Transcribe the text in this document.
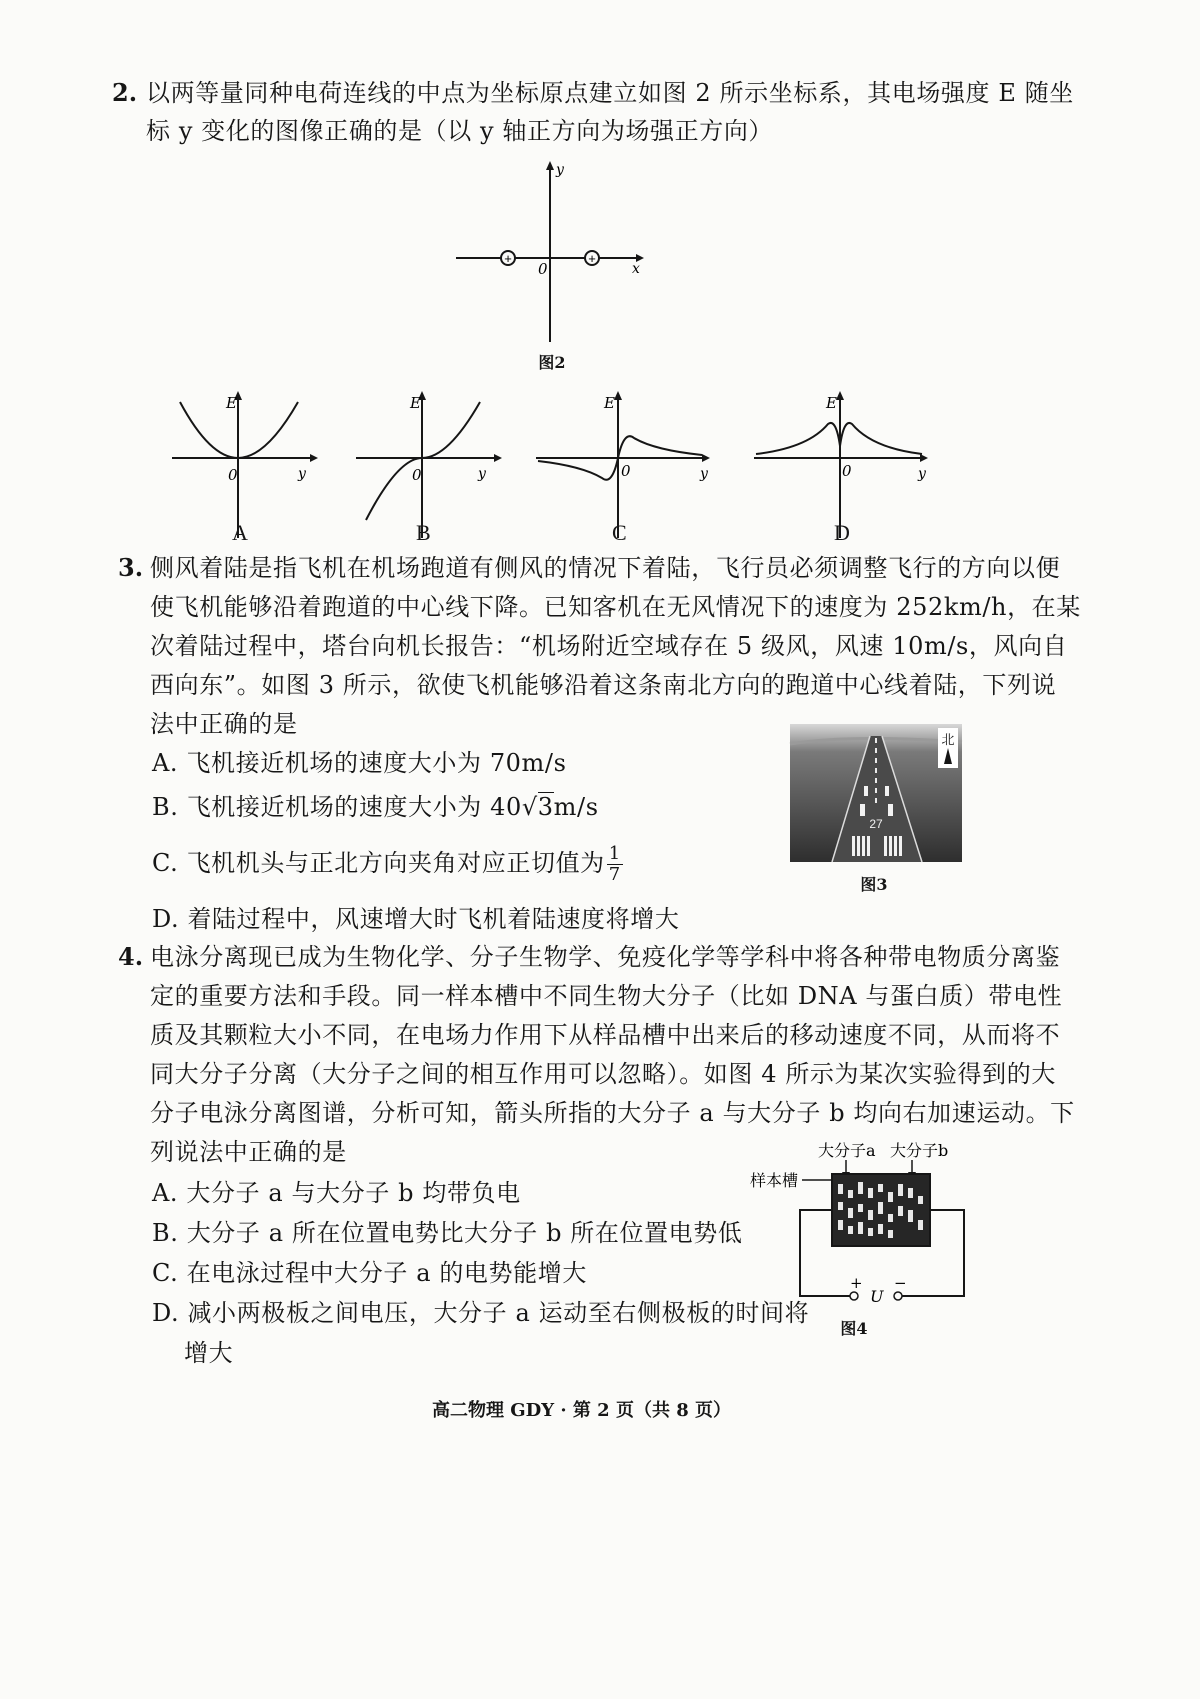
2. 以两等量同种电荷连线的中点为坐标原点建立如图 2 所示坐标系，其电场强度 E 随坐
标 y 变化的图像正确的是（以 y 轴正方向为场强正方向）
+	+
0	x
y
图2
0	y
E
A
0	y
E
B
0	y
E
C
0	y
E
D
3. 侧风着陆是指飞机在机场跑道有侧风的情况下着陆，飞行员必须调整飞行的方向以便
使飞机能够沿着跑道的中心线下降。已知客机在无风情况下的速度为 252km/h，在某
次着陆过程中，塔台向机长报告：“机场附近空域存在 5 级风，风速 10m/s，风向自
西向东”。如图 3 所示，欲使飞机能够沿着这条南北方向的跑道中心线着陆，下列说
法中正确的是
A. 飞机接近机场的速度大小为 70m/s
B. 飞机接近机场的速度大小为 40√3m/s
C. 飞机机头与正北方向夹角对应正切值为 $\frac{1}{7}$
D. 着陆过程中，风速增大时飞机着陆速度将增大
27
北
图3
4. 电泳分离现已成为生物化学、分子生物学、免疫化学等学科中将各种带电物质分离鉴
定的重要方法和手段。同一样本槽中不同生物大分子（比如 DNA 与蛋白质）带电性
质及其颗粒大小不同，在电场力作用下从样品槽中出来后的移动速度不同，从而将不
同大分子分离（大分子之间的相互作用可以忽略）。如图 4 所示为某次实验得到的大
分子电泳分离图谱，分析可知，箭头所指的大分子 a 与大分子 b 均向右加速运动。下
列说法中正确的是
A. 大分子 a 与大分子 b 均带负电
B. 大分子 a 所在位置电势比大分子 b 所在位置电势低
C. 在电泳过程中大分子 a 的电势能增大
D. 减小两极板之间电压，大分子 a 运动至右侧极板的时间将
增大
大分子a 大分子b
样本槽
+ −
U
图4
高二物理 GDY · 第 2 页（共 8 页）
